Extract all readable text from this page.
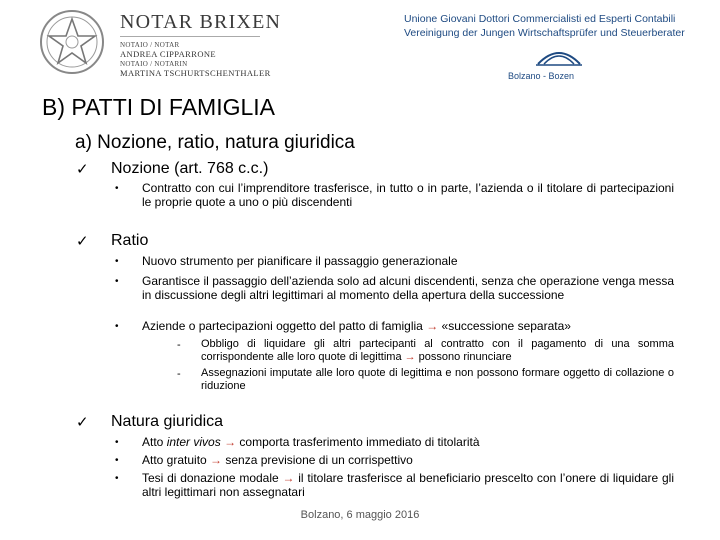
NOTAR BRIXEN
NOTAIO / NOTAR
ANDREA CIPPARRONE
NOTAIO / NOTARIN
MARTINA TSCHURTSCHENTHALER
Unione Giovani Dottori Commercialisti ed Esperti Contabili
Vereinigung der Jungen Wirtschaftsprüfer und Steuerberater
Bolzano - Bozen
B) PATTI DI FAMIGLIA
a) Nozione, ratio, natura giuridica
✓ Nozione (art. 768 c.c.)
• Contratto con cui l’imprenditore trasferisce, in tutto o in parte, l’azienda o il titolare di partecipazioni le proprie quote a uno o più discendenti
✓ Ratio
• Nuovo strumento per pianificare il passaggio generazionale
• Garantisce il passaggio dell’azienda solo ad alcuni discendenti, senza che operazione venga messa in discussione degli altri legittimari al momento della apertura della successione
• Aziende o partecipazioni oggetto del patto di famiglia → «successione separata»
- Obbligo di liquidare gli altri partecipanti al contratto con il pagamento di una somma corrispondente alle loro quote di legittima → possono rinunciare
- Assegnazioni imputate alle loro quote di legittima e non possono formare oggetto di collazione o riduzione
✓ Natura giuridica
• Atto inter vivos → comporta trasferimento immediato di titolarità
• Atto gratuito → senza previsione di un corrispettivo
• Tesi di donazione modale → il titolare trasferisce al beneficiario prescelto con l’onere di liquidare gli altri legittimari non assegnatari
Bolzano, 6 maggio 2016
